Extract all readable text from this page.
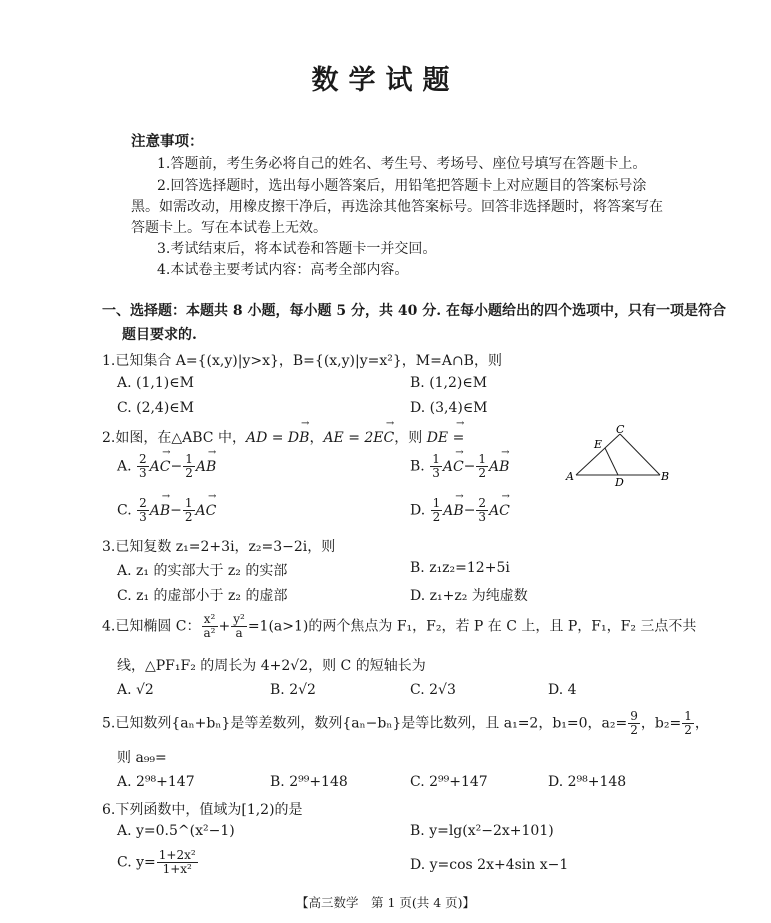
数学试题
注意事项：
1.答题前，考生务必将自己的姓名、考生号、考场号、座位号填写在答题卡上。
2.回答选择题时，选出每小题答案后，用铅笔把答题卡上对应题目的答案标号涂
黑。如需改动，用橡皮擦干净后，再选涂其他答案标号。回答非选择题时，将答案写在
答题卡上。写在本试卷上无效。
3.考试结束后，将本试卷和答题卡一并交回。
4.本试卷主要考试内容：高考全部内容。
一、选择题：本题共 8 小题，每小题 5 分，共 40 分. 在每小题给出的四个选项中，只有一项是符合
题目要求的.
1.已知集合 A={(x,y)|y>x}，B={(x,y)|y=x²}，M=A∩B，则
A. (1,1)∈M	B. (1,2)∈M
C. (2,4)∈M	D. (3,4)∈M
2.如图，在△ABC 中，→ AD = DB，→ AE = 2EC，则 → DE =
A. $\frac{2}{3}$
→ $AC- \frac{1}{2}$
→ AB	B. $\frac{1}{3}$
→ $AC- \frac{1}{2}$
→ AB
C. $\frac{2}{3}$
→ $AB- \frac{1}{2}$
→ AC	D. $\frac{1}{2}$
→ $AB- \frac{2}{3}$
→ AC
A	B
C
D
E
3.已知复数 z₁=2+3i，z₂=3−2i，则
A. z₁ 的实部大于 z₂ 的实部	B. z₁z₂=12+5i
C. z₁ 的虚部小于 z₂ 的虚部	D. z₁+z₂ 为纯虚数
4.已知椭圆 C： $\frac{\text{x²}}{\text{a²}} + \frac{\text{y²}}{a} =1(a>1)$的两个焦点为 F₁，F₂，若 P 在 C 上，且 P，F₁，F₂ 三点不共
线，△PF₁F₂ 的周长为 4+2√2，则 C 的短轴长为
A. √2	B. 2√2	C. 2√3	D. 4
5.已知数列{aₙ+bₙ}是等差数列，数列{aₙ−bₙ}是等比数列，且 a₁=2，b₁=0，$a_2= \frac{9}{2}$ ，$b_2= \frac{1}{2}$ ，
则 a₉₉=
A. 2⁹⁸+147	B. 2⁹⁹+148	C. 2⁹⁹+147	D. 2⁹⁸+148
6.下列函数中，值域为[1,2)的是
A. y=0.5^(x²−1)	B. y=lg(x²−2x+101)
C. $y= \frac{\text{1+2x²}}{\text{1+x²}}$	D. y=cos 2x+4sin x−1
【高三数学　第 1 页(共 4 页)】
